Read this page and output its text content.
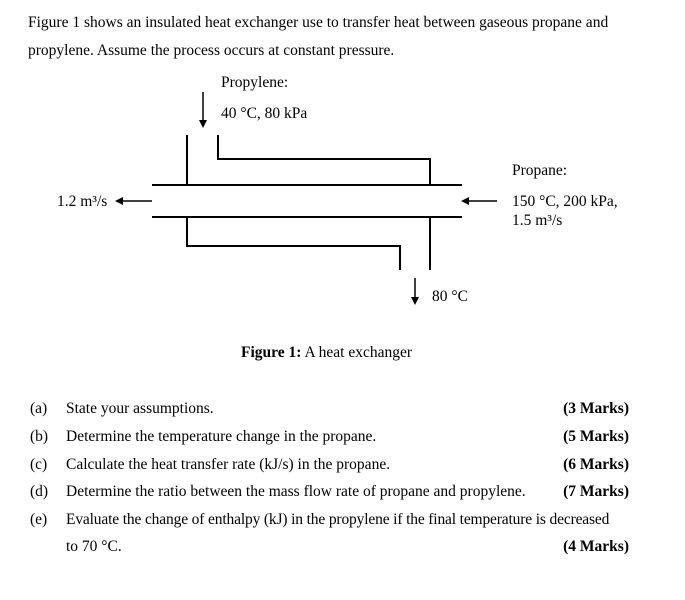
Figure 1 shows an insulated heat exchanger use to transfer heat between gaseous propane and
propylene. Assume the process occurs at constant pressure.
Propylene:
40 °C, 80 kPa
Propane:
150 °C, 200 kPa,
1.5 m³/s
1.2 m³/s
80 °C
Figure 1: A heat exchanger
(a) State your assumptions.	(3 Marks)
(b) Determine the temperature change in the propane.	(5 Marks)
(c) Calculate the heat transfer rate (kJ/s) in the propane.	(6 Marks)
(d) Determine the ratio between the mass flow rate of propane and propylene. (7 Marks)
(e) Evaluate the change of enthalpy (kJ) in the propylene if the final temperature is decreased
to 70 °C.	(4 Marks)
